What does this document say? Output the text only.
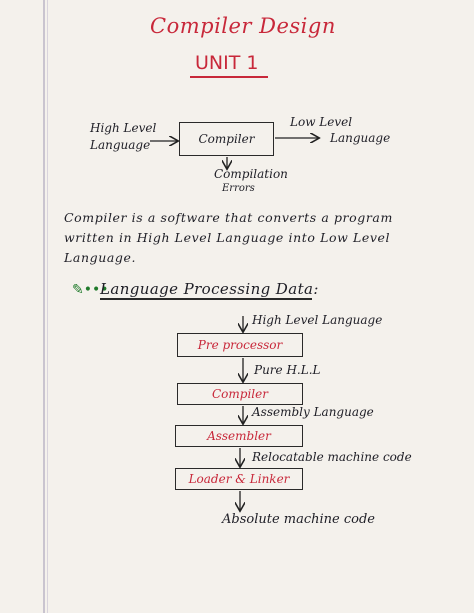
Compiler Design
UNIT 1
High Level
Language	Compiler
Low Level
Language
Compilation
Errors
Compiler is a software that converts a program
written in High Level Language into Low Level
Language.
✎•••
Language Processing Data:
High Level Language
Pre processor
Pure H.L.L
Compiler
Assembly Language
Assembler
Relocatable machine code
Loader & Linker
Absolute machine code
